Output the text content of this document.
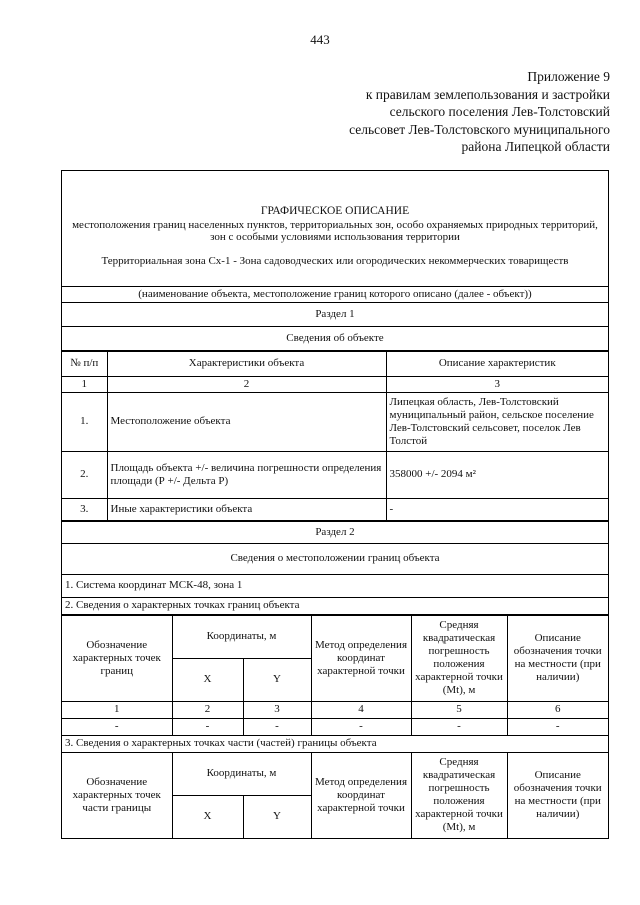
443
Приложение 9
к правилам землепользования и застройки
сельского поселения Лев-Толстовский
сельсовет Лев-Толстовского муниципального
района Липецкой области
ГРАФИЧЕСКОЕ ОПИСАНИЕ
местоположения границ населенных пунктов, территориальных зон, особо охраняемых природных территорий, зон с особыми условиями использования территории
Территориальная зона Сх-1 - Зона садоводческих или огородических некоммерческих товариществ

(наименование объекта, местоположение границ которого описано (далее - объект))
Раздел 1
Сведения об объекте
№ п/п	Характеристики объекта	Описание характеристик
1	2	3
1.	Местоположение объекта	Липецкая область, Лев-Толстовский муниципальный район, сельское поселение Лев-Толстовский сельсовет, поселок Лев Толстой
2.	Площадь объекта +/- величина погрешности определения площади (Р +/- Дельта Р)	358000 +/- 2094 м²
3.	Иные характеристики объекта	-
Раздел 2
Сведения о местоположении границ объекта
1. Система координат МСК-48, зона 1
2. Сведения о характерных точках границ объекта
Обозначение характерных точек границ	Координаты, м		Метод определения координат характерной точки	Средняя квадратическая погрешность положения характерной точки (Mt), м	Описание обозначения точки на местности (при наличии)
	X	Y			
1	2	3	4	5	6
-	-	-	-	-	-
3. Сведения о характерных точках части (частей) границы объекта					
Обозначение характерных точек части границы	Координаты, м		Метод определения координат характерной точки	Средняя квадратическая погрешность положения характерной точки (Mt), м	Описание обозначения точки на местности (при наличии)
	X	Y			
